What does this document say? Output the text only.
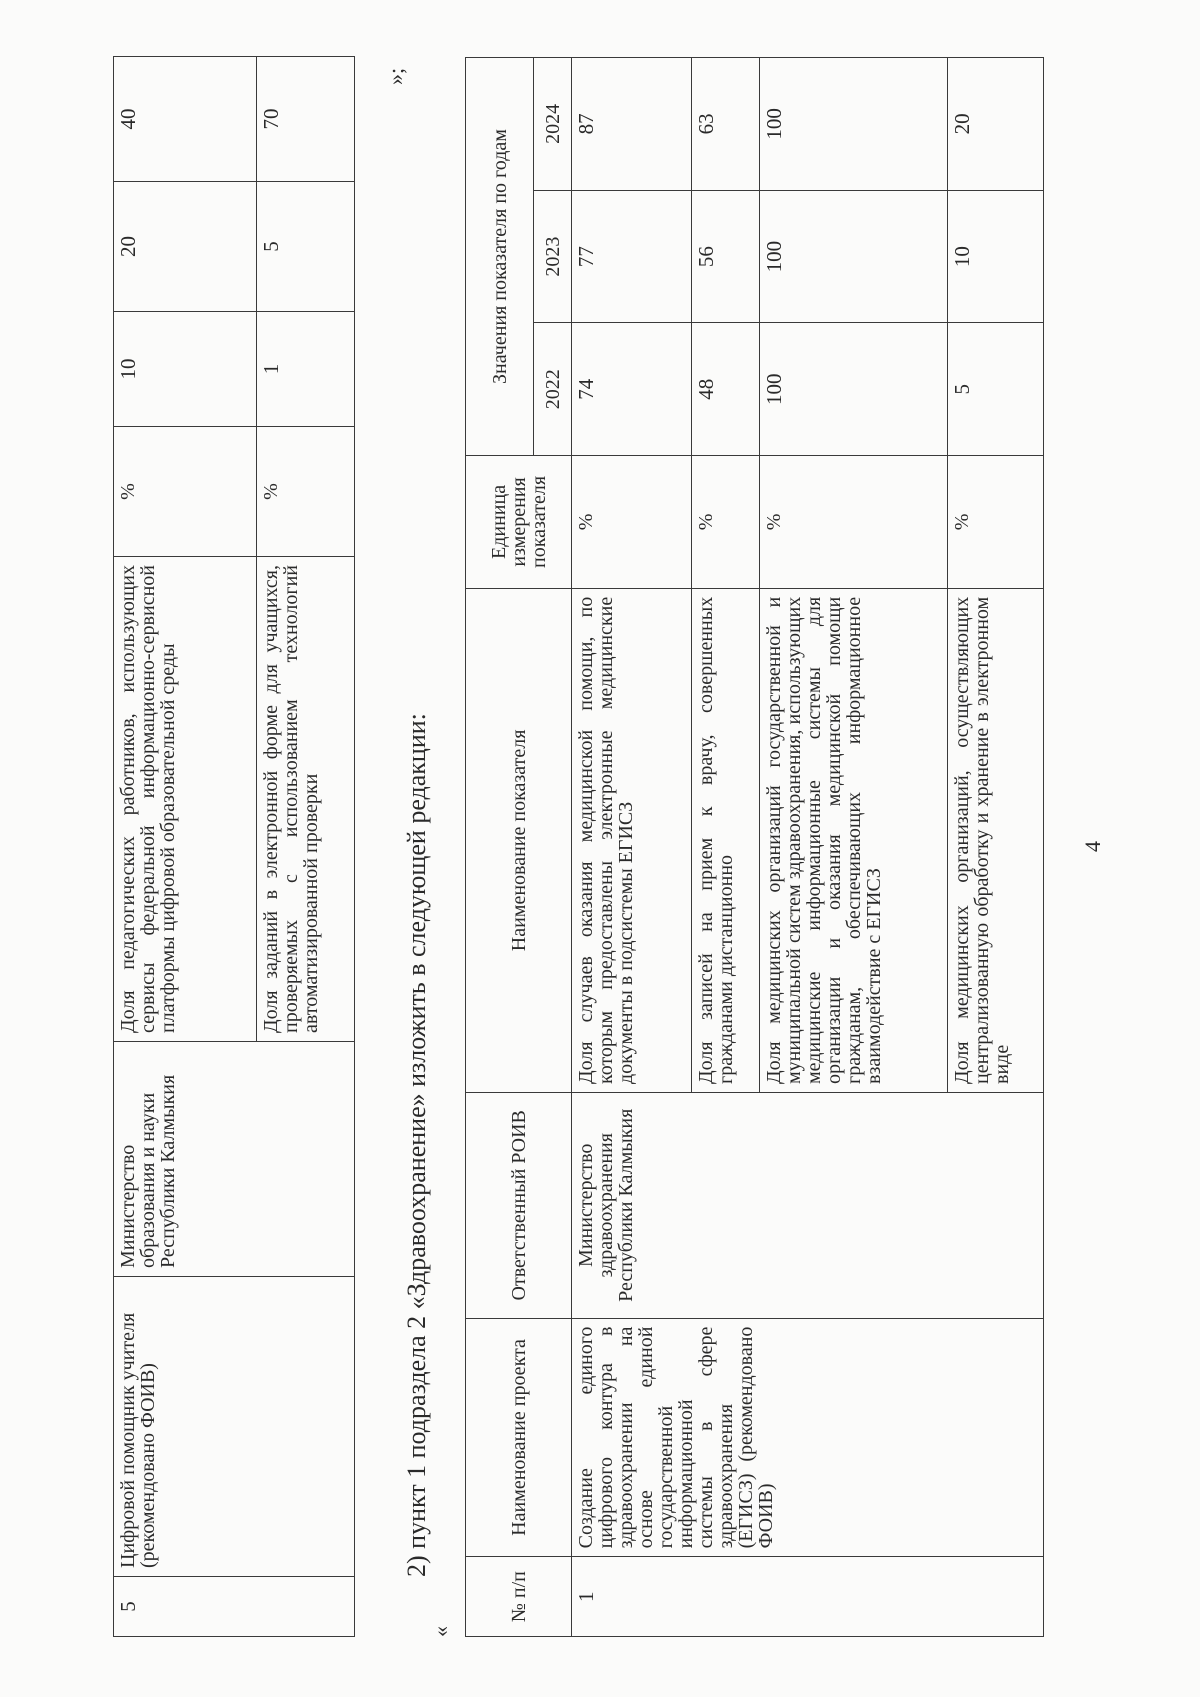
4
5	Цифровой помощник учителя (рекомендовано ФОИВ)	Министерство образования и науки Республики Калмыкия	Доля педагогических работников, использующих сервисы федеральной информационно-сервисной платформы цифровой образовательной среды	%	10	20	40
			Доля заданий в электронной форме для учащихся, проверяемых с использованием технологий автоматизированной проверки	%	1	5	70
»;
2) пункт 1 подраздела 2 «Здравоохранение» изложить в следующей редакции:
«
№ п/п	Наименование проекта	Ответственный РОИВ	Наименование показателя	Единица измерения показателя	Значения показателя по годам		
					2022	2023	2024
1	Создание единого цифрового контура в здравоохранении на основе единой государственной информационной системы в сфере здравоохранения (ЕГИСЗ) (рекомендовано ФОИВ)	Министерство здравоохранения Республики Калмыкия	Доля случаев оказания медицинской помощи, по которым предоставлены электронные медицинские документы в подсистемы ЕГИСЗ	%	74	77	87
			Доля записей на прием к врачу, совершенных гражданами дистанционно	%	48	56	63
			Доля медицинских организаций государственной и муниципальной систем здравоохранения, использующих медицинские информационные системы для организации и оказания медицинской помощи гражданам, обеспечивающих информационное взаимодействие с ЕГИСЗ	%	100	100	100
			Доля медицинских организаций, осуществляющих централизованную обработку и хранение в электронном виде	%	5	10	20
